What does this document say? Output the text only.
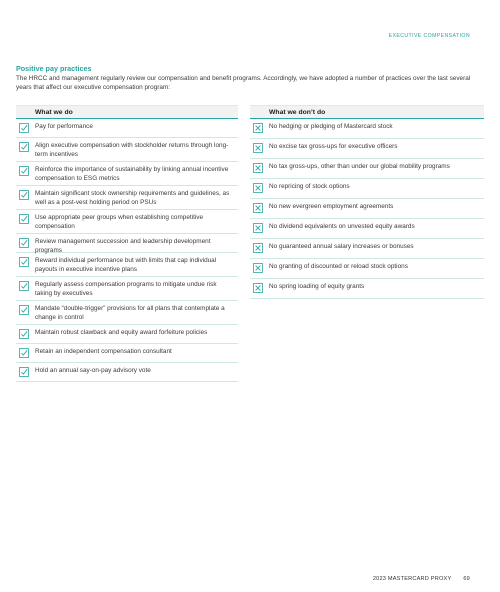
EXECUTIVE COMPENSATION
Positive pay practices
The HRCC and management regularly review our compensation and benefit programs. Accordingly, we have adopted a number of practices over the last several years that affect our executive compensation program:
What we do
Pay for performance
Align executive compensation with stockholder returns through long-term incentives
Reinforce the importance of sustainability by linking annual incentive compensation to ESG metrics
Maintain significant stock ownership requirements and guidelines, as well as a post-vest holding period on PSUs
Use appropriate peer groups when establishing competitive compensation
Review management succession and leadership development programs
Reward individual performance but with limits that cap individual payouts in executive incentive plans
Regularly assess compensation programs to mitigate undue risk taking by executives
Mandate “double-trigger” provisions for all plans that contemplate a change in control
Maintain robust clawback and equity award forfeiture policies
Retain an independent compensation consultant
Hold an annual say-on-pay advisory vote
What we don’t do
No hedging or pledging of Mastercard stock
No excise tax gross-ups for executive officers
No tax gross-ups, other than under our global mobility programs
No repricing of stock options
No new evergreen employment agreements
No dividend equivalents on unvested equity awards
No guaranteed annual salary increases or bonuses
No granting of discounted or reload stock options
No spring loading of equity grants
2023 MASTERCARD PROXY 69
